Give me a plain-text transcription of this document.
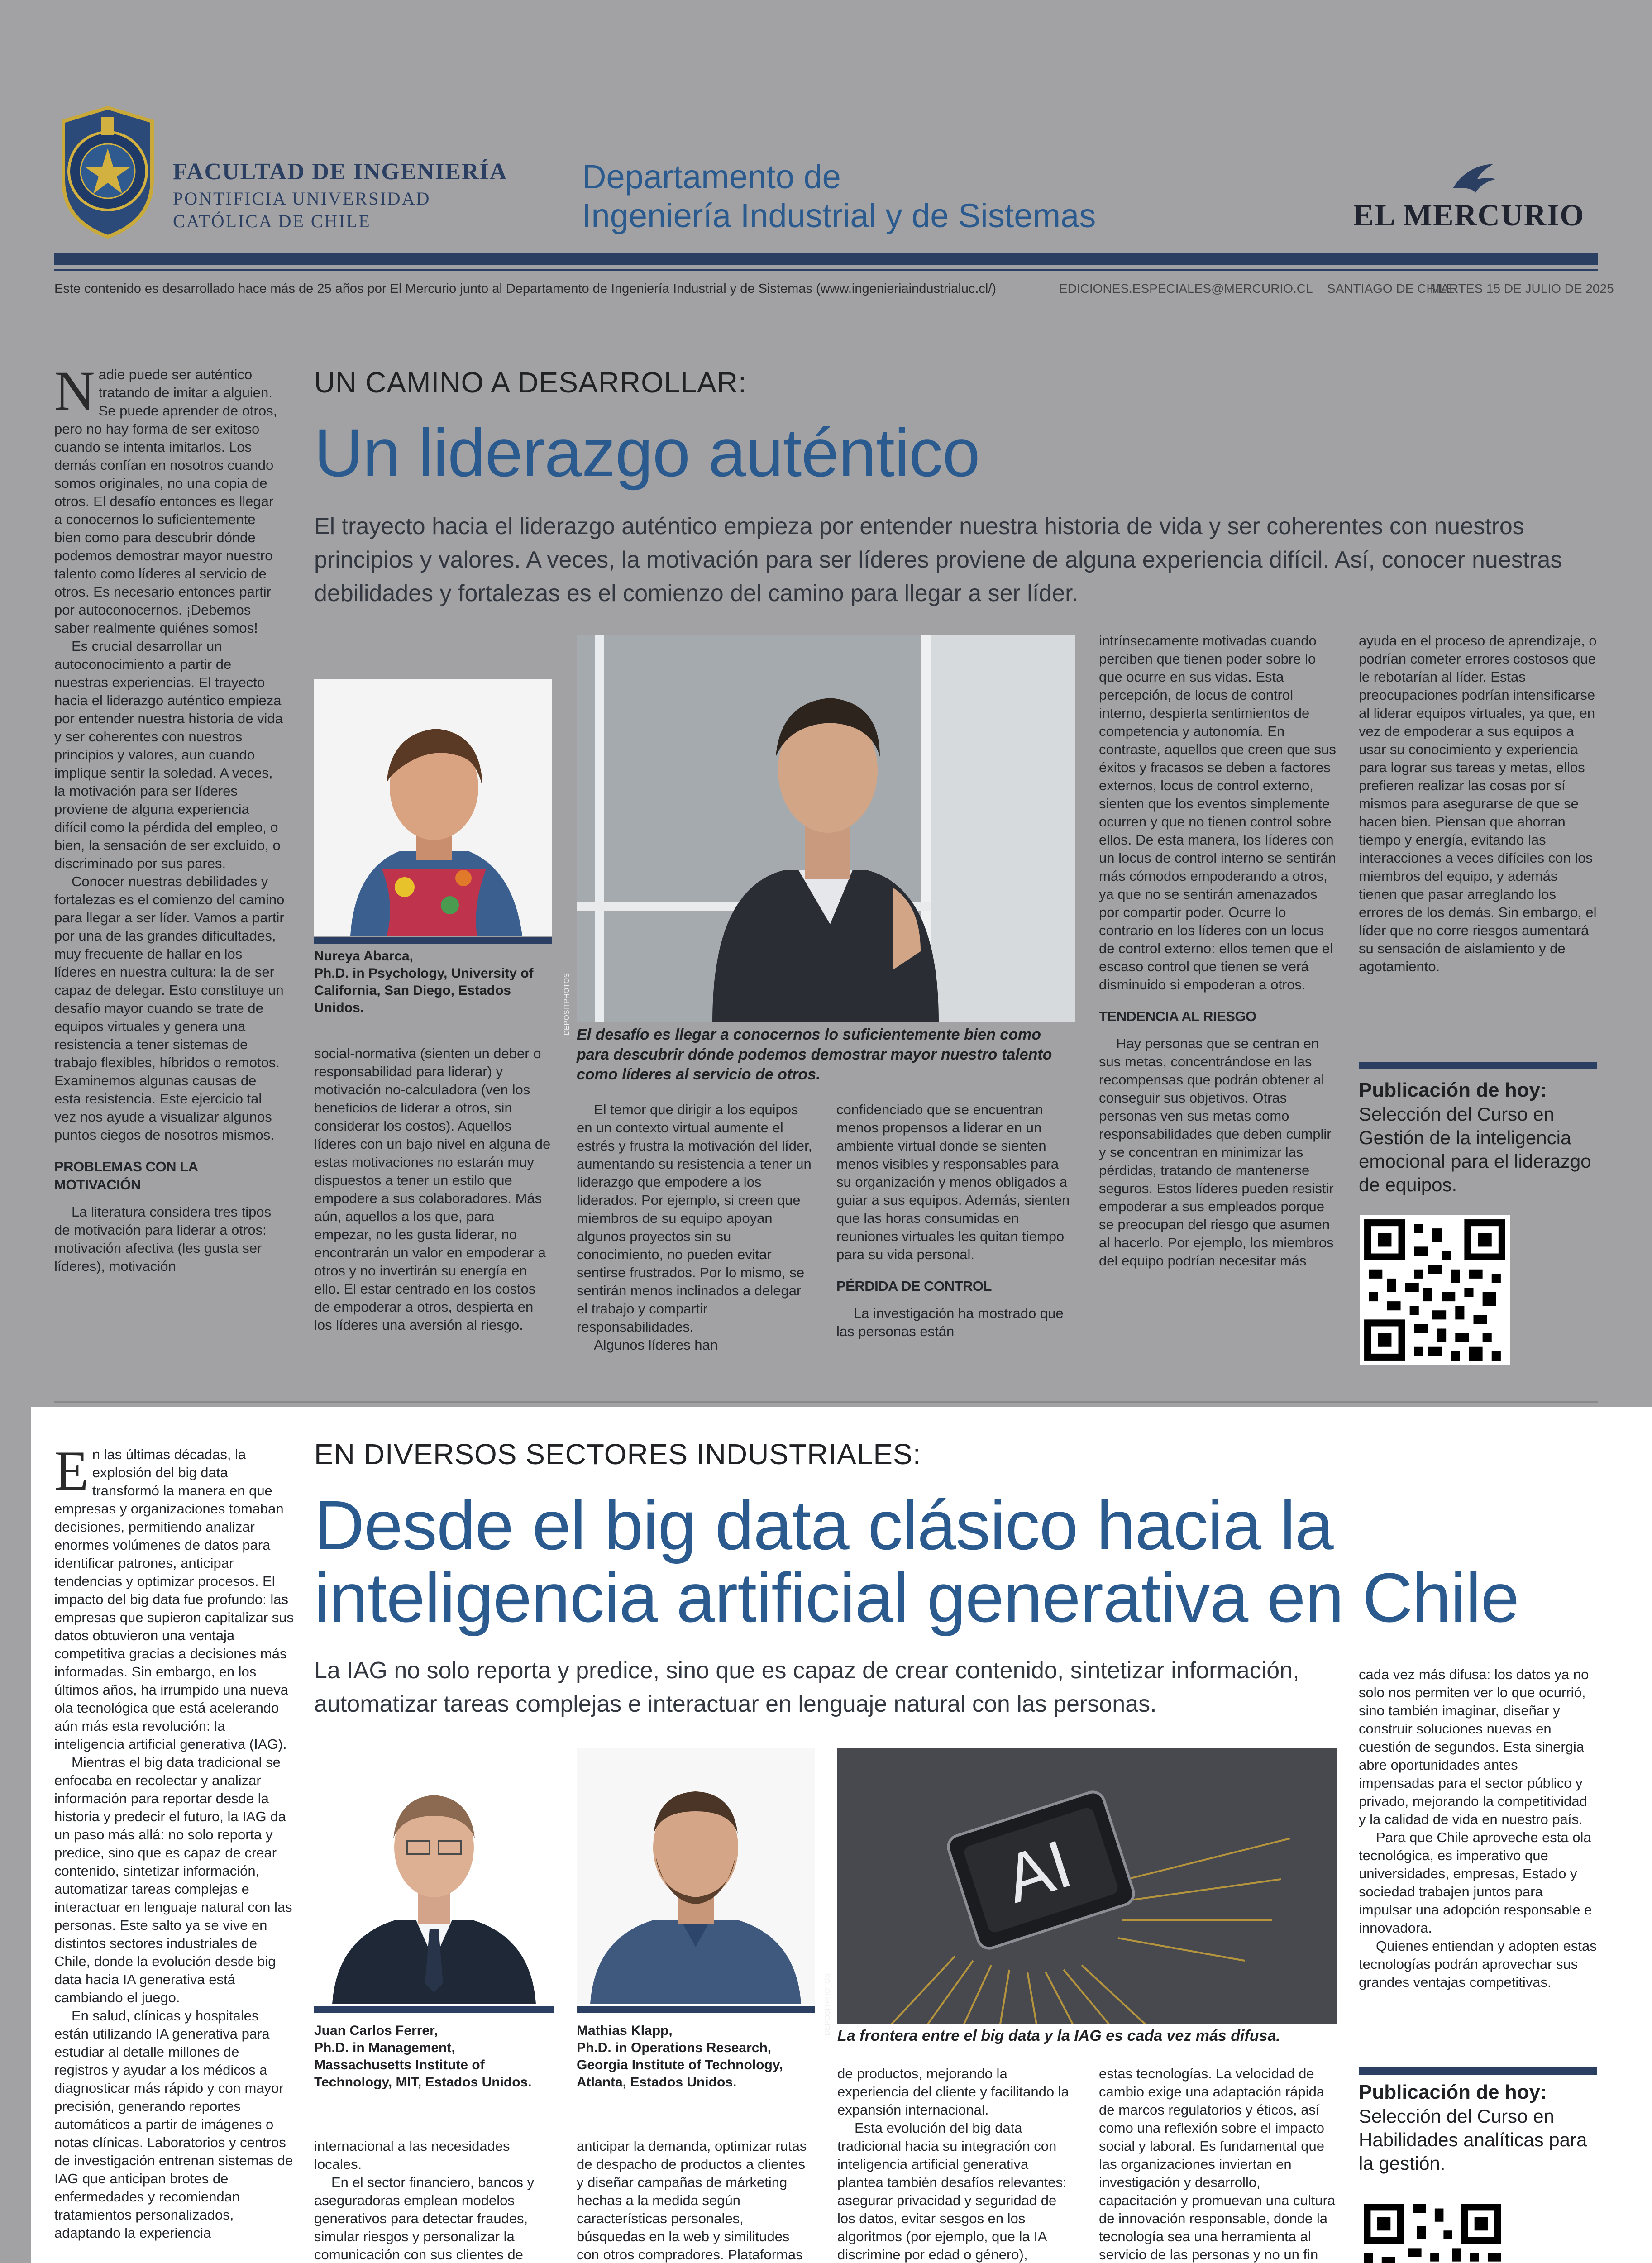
FACULTAD DE INGENIERÍA
PONTIFICIA UNIVERSIDAD
CATÓLICA DE CHILE
Departamento de
Ingeniería Industrial y de Sistemas	EL MERCURIO
Este contenido es desarrollado hace más de 25 años por El Mercurio junto al Departamento de Ingeniería Industrial y de Sistemas (www.ingenieriaindustrialuc.cl/)	EDICIONES.ESPECIALES@MERCURIO.CL SANTIAGO DE CHILE
MARTES 15 DE JULIO DE 2025

Nadie puede ser auténtico tratando de imitar a alguien. Se puede aprender de otros, pero no hay forma de ser exitoso cuando se intenta imitarlos. Los demás confían en nosotros cuando somos originales, no una copia de otros. El desafío entonces es llegar a conocernos lo suficientemente bien como para descubrir dónde podemos demostrar mayor nuestro talento como líderes al servicio de otros. Es necesario entonces partir por autoconocernos. ¡Debemos saber realmente quiénes somos!

Es crucial desarrollar un autoconocimiento a partir de nuestras experiencias. El trayecto hacia el liderazgo auténtico empieza por entender nuestra historia de vida y ser coherentes con nuestros principios y valores, aun cuando implique sentir la soledad. A veces, la motivación para ser líderes proviene de alguna experiencia difícil como la pérdida del empleo, o bien, la sensación de ser excluido, o discriminado por sus pares.

Conocer nuestras debilidades y fortalezas es el comienzo del camino para llegar a ser líder. Vamos a partir por una de las grandes dificultades, muy frecuente de hallar en los líderes en nuestra cultura: la de ser capaz de delegar. Esto constituye un desafío mayor cuando se trate de equipos virtuales y genera una resistencia a tener sistemas de trabajo flexibles, híbridos o remotos. Examinemos algunas causas de esta resistencia. Este ejercicio tal vez nos ayude a visualizar algunos puntos ciegos de nosotros mismos.

PROBLEMAS CON LA MOTIVACIÓN

La literatura considera tres tipos de motivación para liderar a otros: motivación afectiva (les gusta ser líderes), motivación

UN CAMINO A DESARROLLAR:
Un liderazgo auténtico
El trayecto hacia el liderazgo auténtico empieza por entender nuestra historia de vida y ser coherentes con nuestros principios y valores. A veces, la motivación para ser líderes proviene de alguna experiencia difícil. Así, conocer nuestras debilidades y fortalezas es el comienzo del camino para llegar a ser líder.
Nureya Abarca,
Ph.D. in Psychology, University of California, San Diego, Estados Unidos.	DEPOSITPHOTOS El desafío es llegar a conocernos lo suficientemente bien como para descubrir dónde podemos demostrar mayor nuestro talento como líderes al servicio de otros.

social-normativa (sienten un deber o responsabilidad para liderar) y motivación no-calculadora (ven los beneficios de liderar a otros, sin considerar los costos). Aquellos líderes con un bajo nivel en alguna de estas motivaciones no estarán muy dispuestos a tener un estilo que empodere a sus colaboradores. Más aún, aquellos a los que, para empezar, no les gusta liderar, no encontrarán un valor en empoderar a otros y no invertirán su energía en ello. El estar centrado en los costos de empoderar a otros, despierta en los líderes una aversión al riesgo.

El temor que dirigir a los equipos en un contexto virtual aumente el estrés y frustra la motivación del líder, aumentando su resistencia a tener un liderazgo que empodere a los liderados. Por ejemplo, si creen que miembros de su equipo apoyan algunos proyectos sin su conocimiento, no pueden evitar sentirse frustrados. Por lo mismo, se sentirán menos inclinados a delegar el trabajo y compartir responsabilidades.

Algunos líderes han

confidenciado que se encuentran menos propensos a liderar en un ambiente virtual donde se sienten menos visibles y responsables para su organización y menos obligados a guiar a sus equipos. Además, sienten que las horas consumidas en reuniones virtuales les quitan tiempo para su vida personal.

PÉRDIDA DE CONTROL

La investigación ha mostrado que las personas están

intrínsecamente motivadas cuando perciben que tienen poder sobre lo que ocurre en sus vidas. Esta percepción, de locus de control interno, despierta sentimientos de competencia y autonomía. En contraste, aquellos que creen que sus éxitos y fracasos se deben a factores externos, locus de control externo, sienten que los eventos simplemente ocurren y que no tienen control sobre ellos. De esta manera, los líderes con un locus de control interno se sentirán más cómodos empoderando a otros, ya que no se sentirán amenazados por compartir poder. Ocurre lo contrario en los líderes con un locus de control externo: ellos temen que el escaso control que tienen se verá disminuido si empoderan a otros.

TENDENCIA AL RIESGO

Hay personas que se centran en sus metas, concentrándose en las recompensas que podrán obtener al conseguir sus objetivos. Otras personas ven sus metas como responsabilidades que deben cumplir y se concentran en minimizar las pérdidas, tratando de mantenerse seguros. Estos líderes pueden resistir empoderar a sus empleados porque se preocupan del riesgo que asumen al hacerlo. Por ejemplo, los miembros del equipo podrían necesitar más

ayuda en el proceso de aprendizaje, o podrían cometer errores costosos que le rebotarían al líder. Estas preocupaciones podrían intensificarse al liderar equipos virtuales, ya que, en vez de empoderar a sus equipos a usar su conocimiento y experiencia para lograr sus tareas y metas, ellos prefieren realizar las cosas por sí mismos para asegurarse de que se hacen bien. Piensan que ahorran tiempo y energía, evitando las interacciones a veces difíciles con los miembros del equipo, y además tienen que pasar arreglando los errores de los demás. Sin embargo, el líder que no corre riesgos aumentará su sensación de aislamiento y de agotamiento.

Publicación de hoy:
Selección del Curso en Gestión de la inteligencia emocional para el liderazgo de equipos.

En las últimas décadas, la explosión del big data transformó la manera en que empresas y organizaciones tomaban decisiones, permitiendo analizar enormes volúmenes de datos para identificar patrones, anticipar tendencias y optimizar procesos. El impacto del big data fue profundo: las empresas que supieron capitalizar sus datos obtuvieron una ventaja competitiva gracias a decisiones más informadas. Sin embargo, en los últimos años, ha irrumpido una nueva ola tecnológica que está acelerando aún más esta revolución: la inteligencia artificial generativa (IAG).

Mientras el big data tradicional se enfocaba en recolectar y analizar información para reportar desde la historia y predecir el futuro, la IAG da un paso más allá: no solo reporta y predice, sino que es capaz de crear contenido, sintetizar información, automatizar tareas complejas e interactuar en lenguaje natural con las personas. Este salto ya se vive en distintos sectores industriales de Chile, donde la evolución desde big data hacia IA generativa está cambiando el juego.

En salud, clínicas y hospitales están utilizando IA generativa para estudiar al detalle millones de registros y ayudar a los médicos a diagnosticar más rápido y con mayor precisión, generando reportes automáticos a partir de imágenes o notas clínicas. Laboratorios y centros de investigación entrenan sistemas de IAG que anticipan brotes de enfermedades y recomiendan tratamientos personalizados, adaptando la experiencia

EN DIVERSOS SECTORES INDUSTRIALES:
Desde el big data clásico hacia la
inteligencia artificial generativa en Chile
La IAG no solo reporta y predice, sino que es capaz de crear contenido, sintetizar información, automatizar tareas complejas e interactuar en lenguaje natural con las personas.
Juan Carlos Ferrer,
Ph.D. in Management, Massachusetts Institute of Technology, MIT, Estados Unidos.
Mathias Klapp,
Ph.D. in Operations Research, Georgia Institute of Technology, Atlanta, Estados Unidos.
AI
DEPOSITPHOTOS
La frontera entre el big data y la IAG es cada vez más difusa.

internacional a las necesidades locales.

En el sector financiero, bancos y aseguradoras emplean modelos generativos para detectar fraudes, simular riesgos y personalizar la comunicación con sus clientes de

anticipar la demanda, optimizar rutas de despacho de productos a clientes y diseñar campañas de márketing hechas a la medida según características personales, búsquedas en la web y similitudes con otros compradores. Plataformas

de productos, mejorando la experiencia del cliente y facilitando la expansión internacional.

Esta evolución del big data tradicional hacia su integración con inteligencia artificial generativa plantea también desafíos relevantes: asegurar privacidad y seguridad de los datos, evitar sesgos en los algoritmos (por ejemplo, que la IA discrimine por edad o género),

estas tecnologías. La velocidad de cambio exige una adaptación rápida de marcos regulatorios y éticos, así como una reflexión sobre el impacto social y laboral. Es fundamental que las organizaciones inviertan en investigación y desarrollo, capacitación y promuevan una cultura de innovación responsable, donde la tecnología sea una herramienta al servicio de las personas y no un fin

cada vez más difusa: los datos ya no solo nos permiten ver lo que ocurrió, sino también imaginar, diseñar y construir soluciones nuevas en cuestión de segundos. Esta sinergia abre oportunidades antes impensadas para el sector público y privado, mejorando la competitividad y la calidad de vida en nuestro país.

Para que Chile aproveche esta ola tecnológica, es imperativo que universidades, empresas, Estado y sociedad trabajen juntos para impulsar una adopción responsable e innovadora.

Quienes entiendan y adopten estas tecnologías podrán aprovechar sus grandes ventajas competitivas.

Publicación de hoy:
Selección del Curso en Habilidades analíticas para la gestión.
